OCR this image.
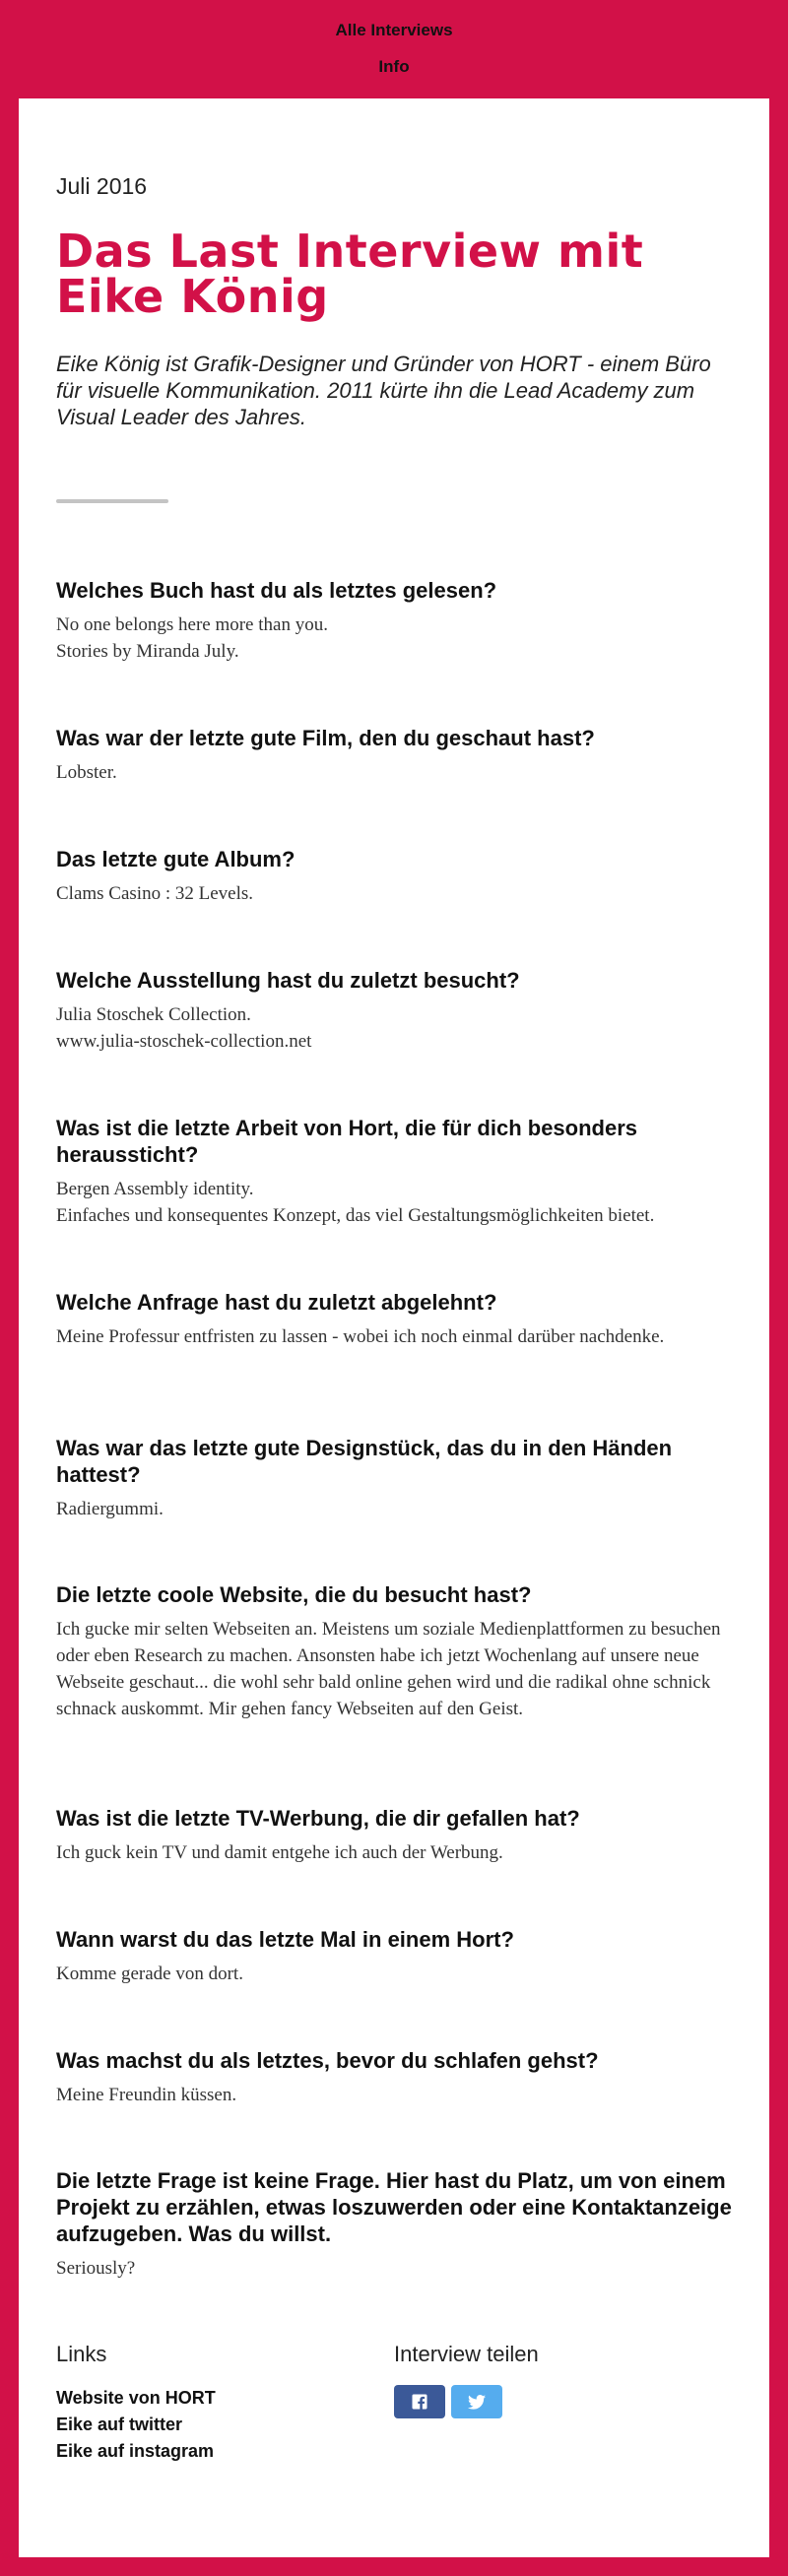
Alle Interviews
Info
Juli 2016
Das Last Interview mit Eike König

Eike König ist Grafik-Designer und Gründer von HORT - einem Büro für visuelle Kommunikation. 2011 kürte ihn die Lead Academy zum Visual Leader des Jahres.

Welches Buch hast du als letztes gelesen?

No one belongs here more than you.
Stories by Miranda July.

Was war der letzte gute Film, den du geschaut hast?

Lobster.

Das letzte gute Album?

Clams Casino : 32 Levels.

Welche Ausstellung hast du zuletzt besucht?

Julia Stoschek Collection.
www.julia-stoschek-collection.net

Was ist die letzte Arbeit von Hort, die für dich besonders heraussticht?

Bergen Assembly identity.
Einfaches und konsequentes Konzept, das viel Gestaltungsmöglichkeiten bietet.

Welche Anfrage hast du zuletzt abgelehnt?

Meine Professur entfristen zu lassen - wobei ich noch einmal darüber nachdenke.

Was war das letzte gute Designstück, das du in den Händen hattest?

Radiergummi.

Die letzte coole Website, die du besucht hast?

Ich gucke mir selten Webseiten an. Meistens um soziale Medienplattformen zu besuchen oder eben Research zu machen. Ansonsten habe ich jetzt Wochenlang auf unsere neue Webseite geschaut... die wohl sehr bald online gehen wird und die radikal ohne schnick schnack auskommt. Mir gehen fancy Webseiten auf den Geist.

Was ist die letzte TV-Werbung, die dir gefallen hat?

Ich guck kein TV und damit entgehe ich auch der Werbung.

Wann warst du das letzte Mal in einem Hort?

Komme gerade von dort.

Was machst du als letztes, bevor du schlafen gehst?

Meine Freundin küssen.

Die letzte Frage ist keine Frage. Hier hast du Platz, um von einem Projekt zu erzählen, etwas loszuwerden oder eine Kontaktanzeige aufzugeben. Was du willst.

Seriously?

Links
Website von HORT
Eike auf twitter
Eike auf instagram
Interview teilen
